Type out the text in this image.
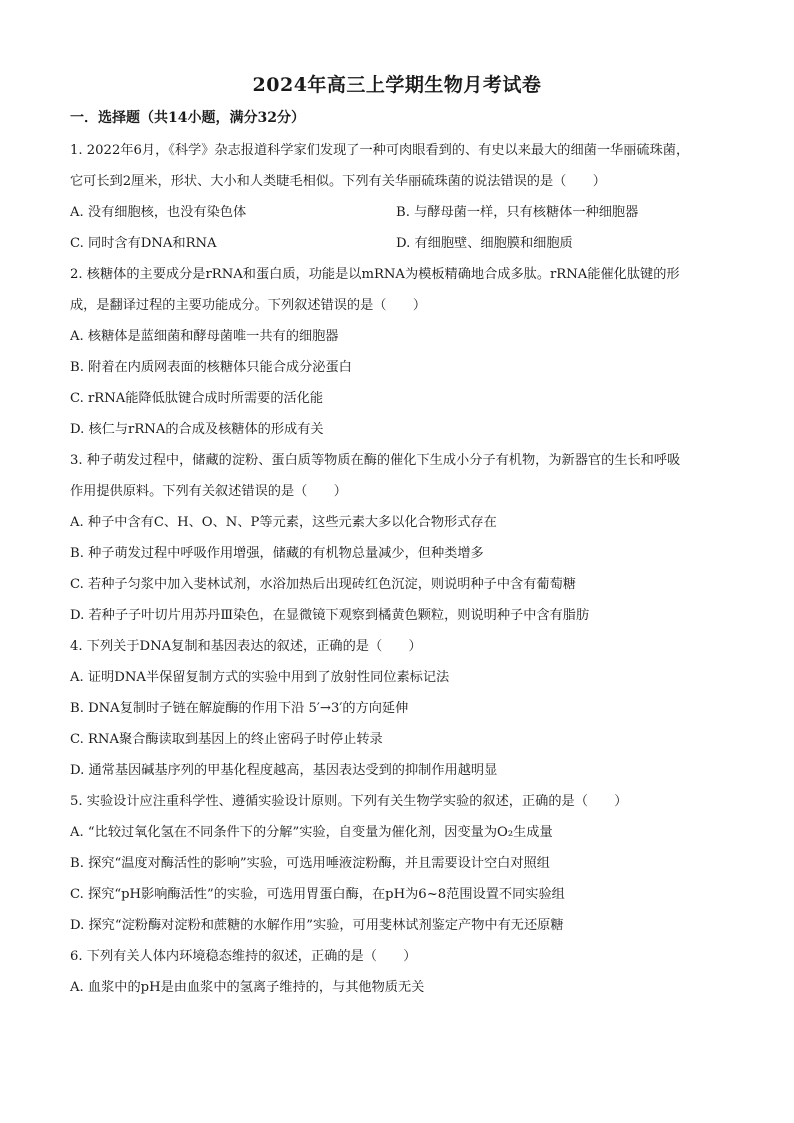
2024年高三上学期生物月考试卷
一．选择题（共14小题，满分32分）
1. 2022年6月，《科学》杂志报道科学家们发现了一种可肉眼看到的、有史以来最大的细菌一华丽硫珠菌，
它可长到2厘米，形状、大小和人类睫毛相似。下列有关华丽硫珠菌的说法错误的是（　　）
A. 没有细胞核，也没有染色体	B. 与酵母菌一样，只有核糖体一种细胞器
C. 同时含有DNA和RNA	D. 有细胞壁、细胞膜和细胞质
2. 核糖体的主要成分是rRNA和蛋白质，功能是以mRNA为模板精确地合成多肽。rRNA能催化肽键的形
成，是翻译过程的主要功能成分。下列叙述错误的是（　　）
A. 核糖体是蓝细菌和酵母菌唯一共有的细胞器
B. 附着在内质网表面的核糖体只能合成分泌蛋白
C. rRNA能降低肽键合成时所需要的活化能
D. 核仁与rRNA的合成及核糖体的形成有关
3. 种子萌发过程中，储藏的淀粉、蛋白质等物质在酶的催化下生成小分子有机物，为新器官的生长和呼吸
作用提供原料。下列有关叙述错误的是（　　）
A. 种子中含有C、H、O、N、P等元素，这些元素大多以化合物形式存在
B. 种子萌发过程中呼吸作用增强，储藏的有机物总量减少，但种类增多
C. 若种子匀浆中加入斐林试剂，水浴加热后出现砖红色沉淀，则说明种子中含有葡萄糖
D. 若种子子叶切片用苏丹Ⅲ染色，在显微镜下观察到橘黄色颗粒，则说明种子中含有脂肪
4. 下列关于DNA复制和基因表达的叙述，正确的是（　　）
A. 证明DNA半保留复制方式的实验中用到了放射性同位素标记法
B. DNA复制时子链在解旋酶的作用下沿 5′→3′的方向延伸
C. RNA聚合酶读取到基因上的终止密码子时停止转录
D. 通常基因碱基序列的甲基化程度越高，基因表达受到的抑制作用越明显
5. 实验设计应注重科学性、遵循实验设计原则。下列有关生物学实验的叙述，正确的是（　　）
A. “比较过氧化氢在不同条件下的分解”实验，自变量为催化剂，因变量为O₂生成量
B. 探究“温度对酶活性的影响”实验，可选用唾液淀粉酶，并且需要设计空白对照组
C. 探究“pH影响酶活性”的实验，可选用胃蛋白酶，在pH为6~8范围设置不同实验组
D. 探究“淀粉酶对淀粉和蔗糖的水解作用”实验，可用斐林试剂鉴定产物中有无还原糖
6. 下列有关人体内环境稳态维持的叙述，正确的是（　　）
A. 血浆中的pH是由血浆中的氢离子维持的，与其他物质无关
